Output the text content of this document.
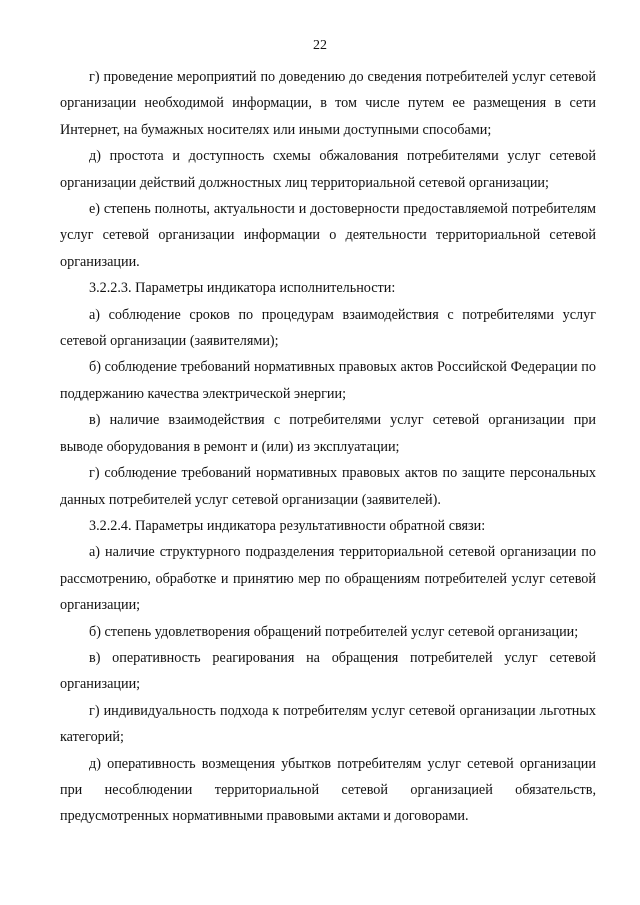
22

г) проведение мероприятий по доведению до сведения потребителей услуг сетевой организации необходимой информации, в том числе путем ее размещения в сети Интернет, на бумажных носителях или иными доступными способами;

д) простота и доступность схемы обжалования потребителями услуг сетевой организации действий должностных лиц территориальной сетевой организации;

е) степень полноты, актуальности и достоверности предоставляемой потребителям услуг сетевой организации информации о деятельности территориальной сетевой организации.

3.2.2.3. Параметры индикатора исполнительности:

а) соблюдение сроков по процедурам взаимодействия с потребителями услуг сетевой организации (заявителями);

б) соблюдение требований нормативных правовых актов Российской Федерации по поддержанию качества электрической энергии;

в) наличие взаимодействия с потребителями услуг сетевой организации при выводе оборудования в ремонт и (или) из эксплуатации;

г) соблюдение требований нормативных правовых актов по защите персональных данных потребителей услуг сетевой организации (заявителей).

3.2.2.4. Параметры индикатора результативности обратной связи:

а) наличие структурного подразделения территориальной сетевой организации по рассмотрению, обработке и принятию мер по обращениям потребителей услуг сетевой организации;

б) степень удовлетворения обращений потребителей услуг сетевой организации;

в) оперативность реагирования на обращения потребителей услуг сетевой организации;

г) индивидуальность подхода к потребителям услуг сетевой организации льготных категорий;

д) оперативность возмещения убытков потребителям услуг сетевой организации при несоблюдении территориальной сетевой организацией обязательств, предусмотренных нормативными правовыми актами и договорами.
